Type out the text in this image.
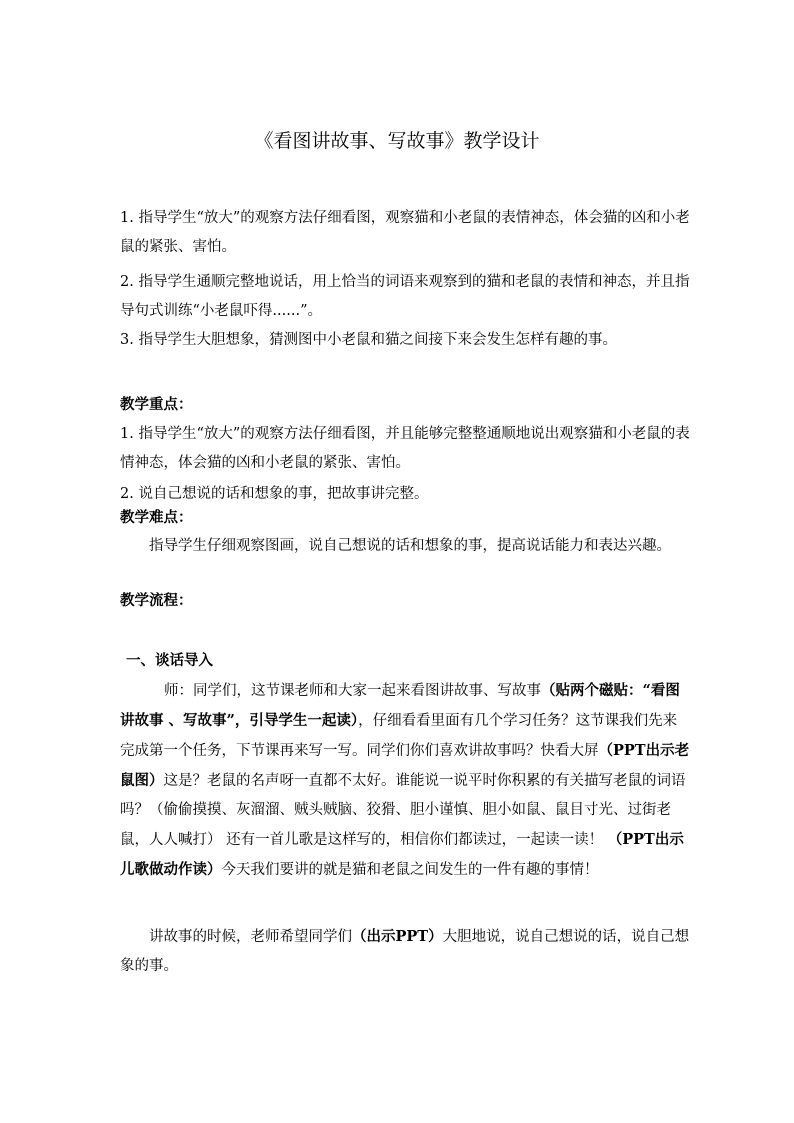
《看图讲故事、写故事》教学设计

1. 指导学生“放大”的观察方法仔细看图，观察猫和小老鼠的表情神态，体会猫的凶和小老鼠的紧张、害怕。

2. 指导学生通顺完整地说话，用上恰当的词语来观察到的猫和老鼠的表情和神态，并且指导句式训练“小老鼠吓得......”。

3. 指导学生大胆想象，猜测图中小老鼠和猫之间接下来会发生怎样有趣的事。

教学重点：

1. 指导学生“放大”的观察方法仔细看图，并且能够完整整通顺地说出观察猫和小老鼠的表情神态，体会猫的凶和小老鼠的紧张、害怕。

2. 说自己想说的话和想象的事，把故事讲完整。

教学难点：

指导学生仔细观察图画，说自己想说的话和想象的事，提高说话能力和表达兴趣。

教学流程：

一、谈话导入

师：同学们，这节课老师和大家一起来看图讲故事、写故事（贴两个磁贴：“看图讲故事 、写故事”，引导学生一起读），仔细看看里面有几个学习任务？这节课我们先来完成第一个任务，下节课再来写一写。同学们你们喜欢讲故事吗？快看大屏（PPT出示老鼠图）这是？老鼠的名声呀一直都不太好。谁能说一说平时你积累的有关描写老鼠的词语吗？（偷偷摸摸、灰溜溜、贼头贼脑、狡猾、胆小谨慎、胆小如鼠、鼠目寸光、过街老鼠，人人喊打） 还有一首儿歌是这样写的，相信你们都读过，一起读一读！ （PPT出示儿歌做动作读）今天我们要讲的就是猫和老鼠之间发生的一件有趣的事情！

讲故事的时候，老师希望同学们（出示PPT）大胆地说，说自己想说的话，说自己想象的事。
